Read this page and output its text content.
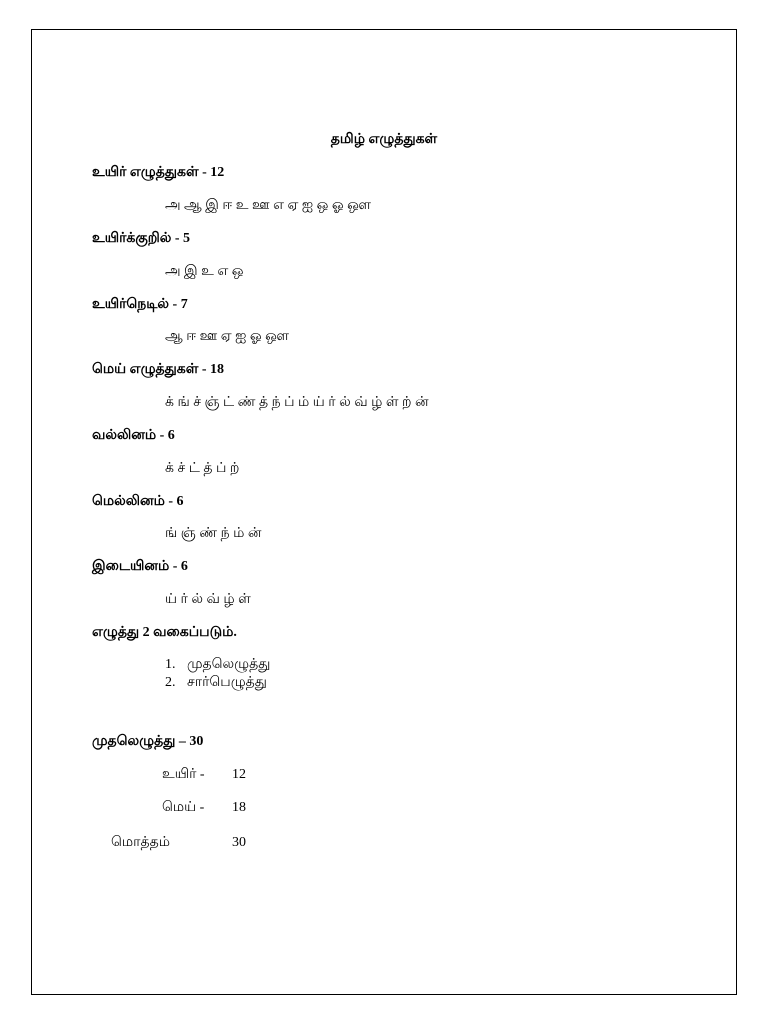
தமிழ் எழுத்துகள்
உயிர் எழுத்துகள் - 12
அ ஆ இ ஈ உ ஊ எ ஏ ஐ ஒ ஓ ஔ
உயிர்க்குறில் - 5
அ இ உ எ ஒ
உயிர்நெடில் - 7
ஆ ஈ ஊ ஏ ஐ ஓ ஔ
மெய் எழுத்துகள் - 18
க் ங் ச் ஞ் ட் ண் த் ந் ப் ம் ய் ர் ல் வ் ழ் ள் ற் ன்
வல்லினம் - 6
க் ச் ட் த் ப் ற்
மெல்லினம் - 6
ங் ஞ் ண் ந் ம் ன்
இடையினம் - 6
ய் ர் ல் வ் ழ் ள்
எழுத்து 2 வகைப்படும்.
1. முதலெழுத்து
2. சார்பெழுத்து
முதலெழுத்து – 30
உயிர் - 12
மெய் - 18
மொத்தம்	30
